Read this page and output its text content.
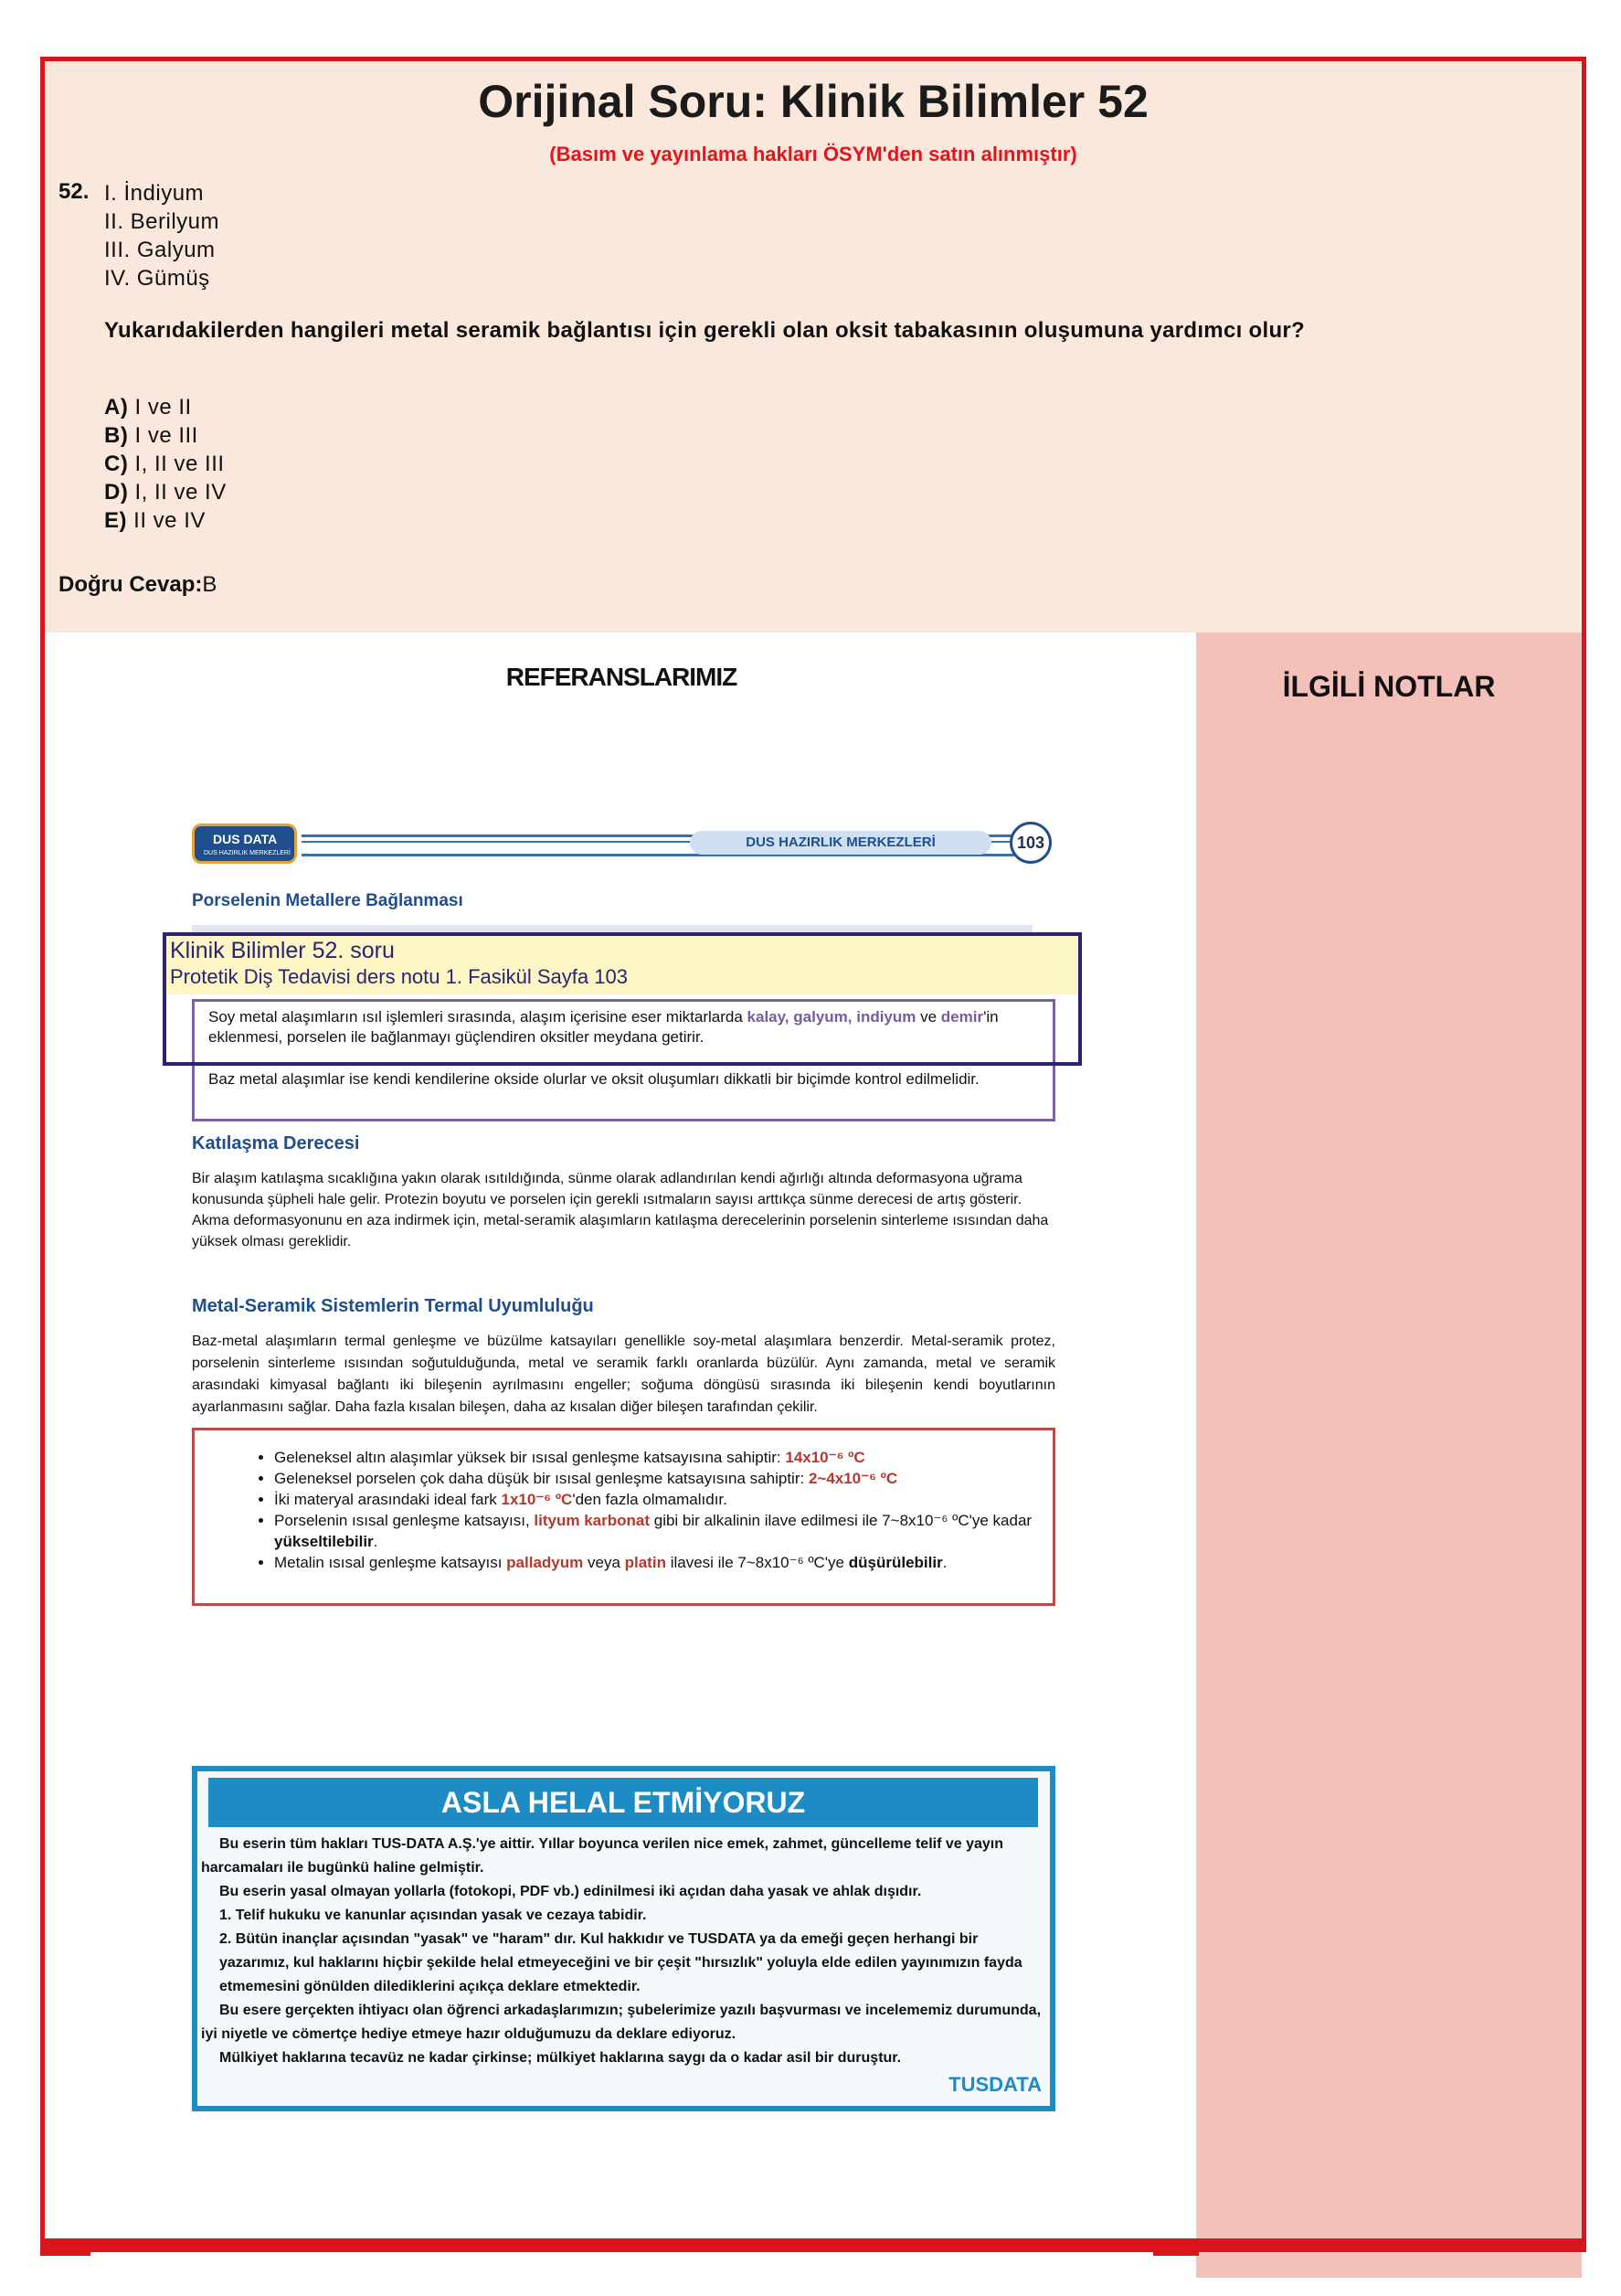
Orijinal Soru: Klinik Bilimler 52
(Basım ve yayınlama hakları ÖSYM'den satın alınmıştır)
52. I. İndiyum
II. Berilyum
III. Galyum
IV. Gümüş
Yukarıdakilerden hangileri metal seramik bağlantısı için gerekli olan oksit tabakasının oluşumuna yardımcı olur?
A) I ve II
B) I ve III
C) I, II ve III
D) I, II ve IV
E) II ve IV
Doğru Cevap:B
REFERANSLARIMIZ	İLGİLİ NOTLAR
DUS DATA
DUS HAZIRLIK MERKEZLERİ
DUS HAZIRLIK MERKEZLERİ	103
Porselenin Metallere Bağlanması
Klinik Bilimler 52. soru
Protetik Diş Tedavisi ders notu 1. Fasikül Sayfa 103
Soy metal alaşımların ısıl işlemleri sırasında, alaşım içerisine eser miktarlarda kalay, galyum, indiyum ve demir'in eklenmesi, porselen ile bağlanmayı güçlendiren oksitler meydana getirir.
Baz metal alaşımlar ise kendi kendilerine okside olurlar ve oksit oluşumları dikkatli bir biçimde kontrol edilmelidir.
Katılaşma Derecesi
Bir alaşım katılaşma sıcaklığına yakın olarak ısıtıldığında, sünme olarak adlandırılan kendi ağırlığı altında deformasyona uğrama konusunda şüpheli hale gelir. Protezin boyutu ve porselen için gerekli ısıtmaların sayısı arttıkça sünme derecesi de artış gösterir. Akma deformasyonunu en aza indirmek için, metal-seramik alaşımların katılaşma derecelerinin porselenin sinterleme ısısından daha yüksek olması gereklidir.
Metal-Seramik Sistemlerin Termal Uyumluluğu
Baz-metal alaşımların termal genleşme ve büzülme katsayıları genellikle soy-metal alaşımlara benzerdir. Metal-seramik protez, porselenin sinterleme ısısından soğutulduğunda, metal ve seramik farklı oranlarda büzülür. Aynı zamanda, metal ve seramik arasındaki kimyasal bağlantı iki bileşenin ayrılmasını engeller; soğuma döngüsü sırasında iki bileşenin kendi boyutlarının ayarlanmasını sağlar. Daha fazla kısalan bileşen, daha az kısalan diğer bileşen tarafından çekilir.
• Geleneksel altın alaşımlar yüksek bir ısısal genleşme katsayısına sahiptir: 14x10⁻⁶ ºC
• Geleneksel porselen çok daha düşük bir ısısal genleşme katsayısına sahiptir: 2~4x10⁻⁶ ºC
• İki materyal arasındaki ideal fark 1x10⁻⁶ ºC'den fazla olmamalıdır.
• Porselenin ısısal genleşme katsayısı, lityum karbonat gibi bir alkalinin ilave edilmesi ile 7~8x10⁻⁶ ºC'ye kadar yükseltilebilir.
• Metalin ısısal genleşme katsayısı palladyum veya platin ilavesi ile 7~8x10⁻⁶ ºC'ye düşürülebilir.
ASLA HELAL ETMİYORUZ

Bu eserin tüm hakları TUS-DATA A.Ş.'ye aittir. Yıllar boyunca verilen nice emek, zahmet, güncelleme telif ve yayın harcamaları ile bugünkü haline gelmiştir.

Bu eserin yasal olmayan yollarla (fotokopi, PDF vb.) edinilmesi iki açıdan daha yasak ve ahlak dışıdır.

1. Telif hukuku ve kanunlar açısından yasak ve cezaya tabidir.

2. Bütün inançlar açısından "yasak" ve "haram" dır. Kul hakkıdır ve TUSDATA ya da emeği geçen herhangi bir yazarımız, kul haklarını hiçbir şekilde helal etmeyeceğini ve bir çeşit "hırsızlık" yoluyla elde edilen yayınımızın fayda etmemesini gönülden dilediklerini açıkça deklare etmektedir.

Bu esere gerçekten ihtiyacı olan öğrenci arkadaşlarımızın; şubelerimize yazılı başvurması ve incelememiz durumunda, iyi niyetle ve cömertçe hediye etmeye hazır olduğumuzu da deklare ediyoruz.

Mülkiyet haklarına tecavüz ne kadar çirkinse; mülkiyet haklarına saygı da o kadar asil bir duruştur.

TUSDATA
